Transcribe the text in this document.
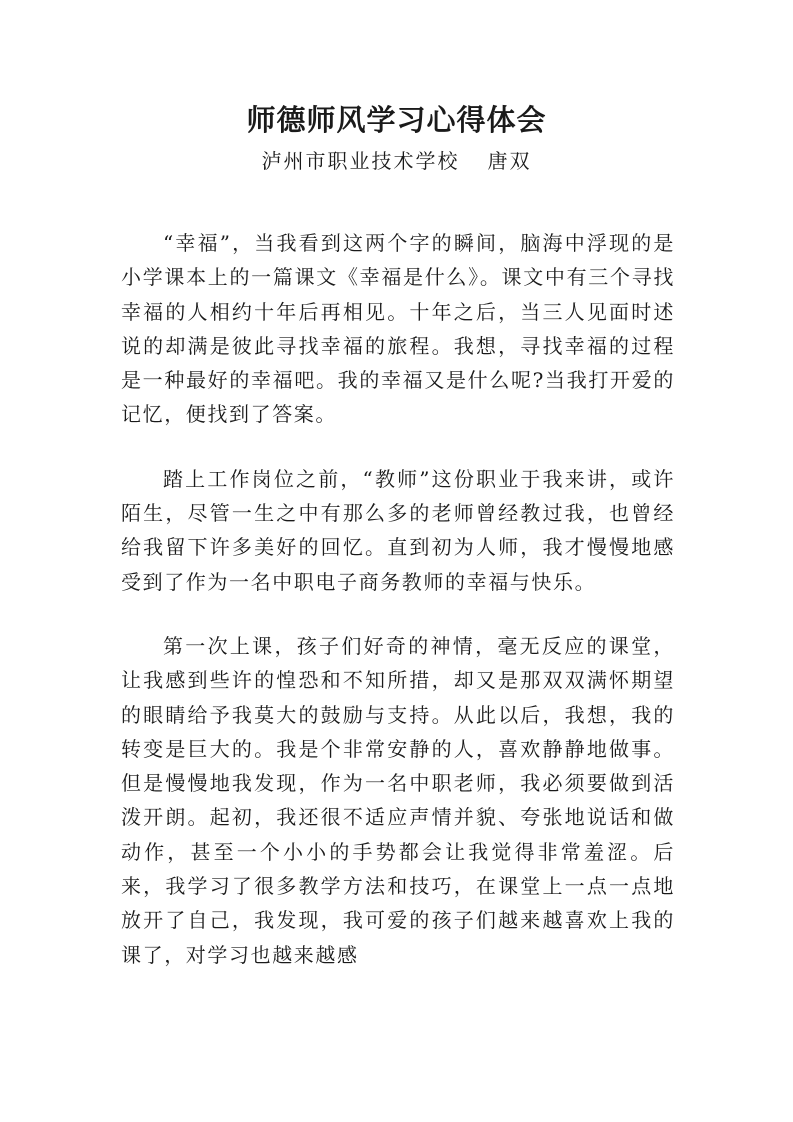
师德师风学习心得体会

泸州市职业技术学校 唐双

“幸福”，当我看到这两个字的瞬间，脑海中浮现的是小学课本上的一篇课文《幸福是什么》。课文中有三个寻找幸福的人相约十年后再相见。十年之后，当三人见面时述说的却满是彼此寻找幸福的旅程。我想，寻找幸福的过程是一种最好的幸福吧。我的幸福又是什么呢?当我打开爱的记忆，便找到了答案。

踏上工作岗位之前，“教师”这份职业于我来讲，或许陌生，尽管一生之中有那么多的老师曾经教过我，也曾经给我留下许多美好的回忆。直到初为人师，我才慢慢地感受到了作为一名中职电子商务教师的幸福与快乐。

第一次上课，孩子们好奇的神情，毫无反应的课堂，让我感到些许的惶恐和不知所措，却又是那双双满怀期望的眼睛给予我莫大的鼓励与支持。从此以后，我想，我的转变是巨大的。我是个非常安静的人，喜欢静静地做事。但是慢慢地我发现，作为一名中职老师，我必须要做到活泼开朗。起初，我还很不适应声情并貌、夸张地说话和做动作，甚至一个小小的手势都会让我觉得非常羞涩。后来，我学习了很多教学方法和技巧，在课堂上一点一点地放开了自己，我发现，我可爱的孩子们越来越喜欢上我的课了，对学习也越来越感
